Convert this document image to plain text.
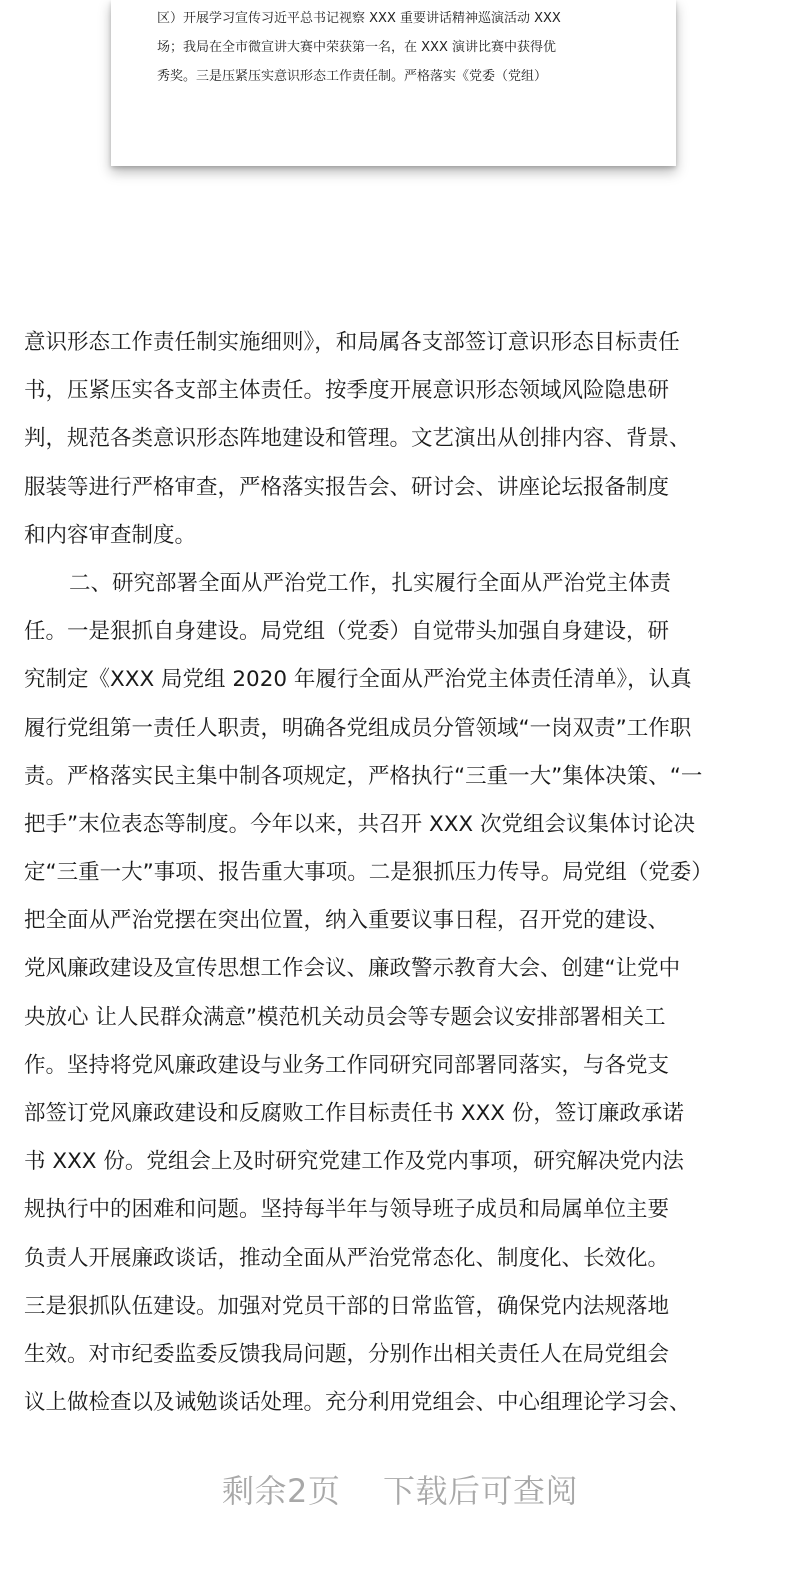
区）开展学习宣传习近平总书记视察 XXX 重要讲话精神巡演活动 XXX
场；我局在全市微宣讲大赛中荣获第一名，在 XXX 演讲比赛中获得优
秀奖。三是压紧压实意识形态工作责任制。严格落实《党委（党组）
意识形态工作责任制实施细则》，和局属各支部签订意识形态目标责任
书，压紧压实各支部主体责任。按季度开展意识形态领域风险隐患研
判，规范各类意识形态阵地建设和管理。文艺演出从创排内容、背景、
服装等进行严格审查，严格落实报告会、研讨会、讲座论坛报备制度
和内容审查制度。
二、研究部署全面从严治党工作，扎实履行全面从严治党主体责
任。一是狠抓自身建设。局党组（党委）自觉带头加强自身建设，研
究制定《XXX 局党组 2020 年履行全面从严治党主体责任清单》，认真
履行党组第一责任人职责，明确各党组成员分管领域“一岗双责”工作职
责。严格落实民主集中制各项规定，严格执行“三重一大”集体决策、“一
把手”末位表态等制度。今年以来，共召开 XXX 次党组会议集体讨论决
定“三重一大”事项、报告重大事项。二是狠抓压力传导。局党组（党委）
把全面从严治党摆在突出位置，纳入重要议事日程，召开党的建设、
党风廉政建设及宣传思想工作会议、廉政警示教育大会、创建“让党中
央放心 让人民群众满意”模范机关动员会等专题会议安排部署相关工
作。坚持将党风廉政建设与业务工作同研究同部署同落实，与各党支
部签订党风廉政建设和反腐败工作目标责任书 XXX 份，签订廉政承诺
书 XXX 份。党组会上及时研究党建工作及党内事项，研究解决党内法
规执行中的困难和问题。坚持每半年与领导班子成员和局属单位主要
负责人开展廉政谈话，推动全面从严治党常态化、制度化、长效化。
三是狠抓队伍建设。加强对党员干部的日常监管，确保党内法规落地
生效。对市纪委监委反馈我局问题，分别作出相关责任人在局党组会
议上做检查以及诫勉谈话处理。充分利用党组会、中心组理论学习会、
剩余2页 下载后可查阅
